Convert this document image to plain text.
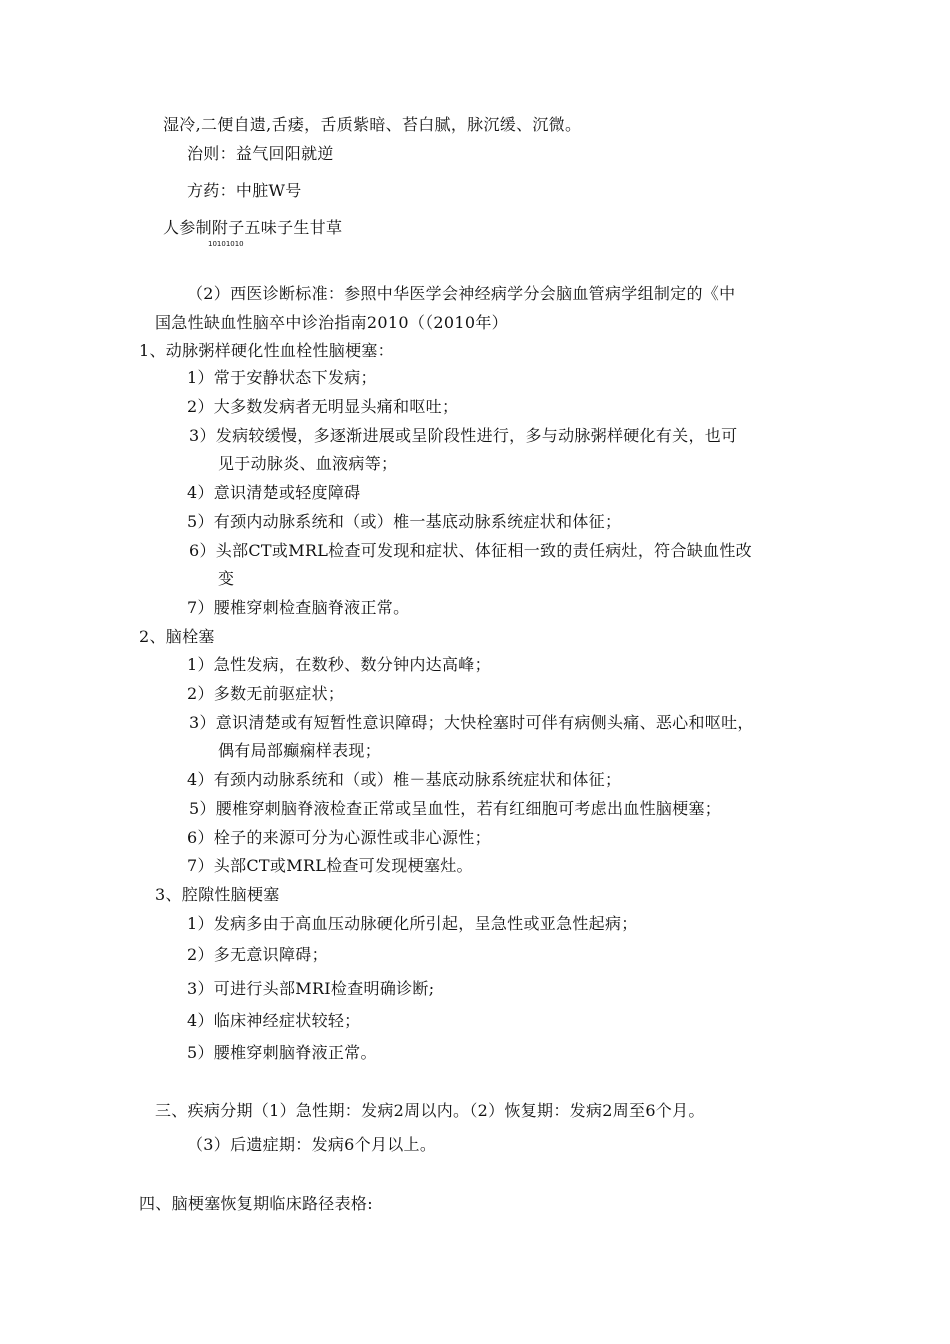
湿冷,二便自遗,舌痿，舌质紫暗、苔白腻，脉沉缓、沉微。
治则：益气回阳就逆
方药：中脏W号
人参制附子五味子生甘草
10101010
（2）西医诊断标准：参照中华医学会神经病学分会脑血管病学组制定的《中
国急性缺血性脑卒中诊治指南2010（（2010年）
1、动脉粥样硬化性血栓性脑梗塞：
1）常于安静状态下发病；
2）大多数发病者无明显头痛和呕吐；
3）发病较缓慢，多逐渐进展或呈阶段性进行，多与动脉粥样硬化有关，也可
见于动脉炎、血液病等；
4）意识清楚或轻度障碍
5）有颈内动脉系统和（或）椎一基底动脉系统症状和体征；
6）头部CT或MRL检查可发现和症状、体征相一致的责任病灶，符合缺血性改
变
7）腰椎穿刺检查脑脊液正常。
2、脑栓塞
1）急性发病，在数秒、数分钟内达高峰；
2）多数无前驱症状；
3）意识清楚或有短暂性意识障碍；大快栓塞时可伴有病侧头痛、恶心和呕吐，
偶有局部癫痫样表现；
4）有颈内动脉系统和（或）椎－基底动脉系统症状和体征；
5）腰椎穿刺脑脊液检查正常或呈血性，若有红细胞可考虑出血性脑梗塞；
6）栓子的来源可分为心源性或非心源性；
7）头部CT或MRL检查可发现梗塞灶。
3、腔隙性脑梗塞
1）发病多由于高血压动脉硬化所引起，呈急性或亚急性起病；
2）多无意识障碍；
3）可进行头部MRI检查明确诊断;
4）临床神经症状较轻；
5）腰椎穿刺脑脊液正常。
三、疾病分期（1）急性期：发病2周以内。（2）恢复期：发病2周至6个月。
（3）后遗症期：发病6个月以上。
四、脑梗塞恢复期临床路径表格:
